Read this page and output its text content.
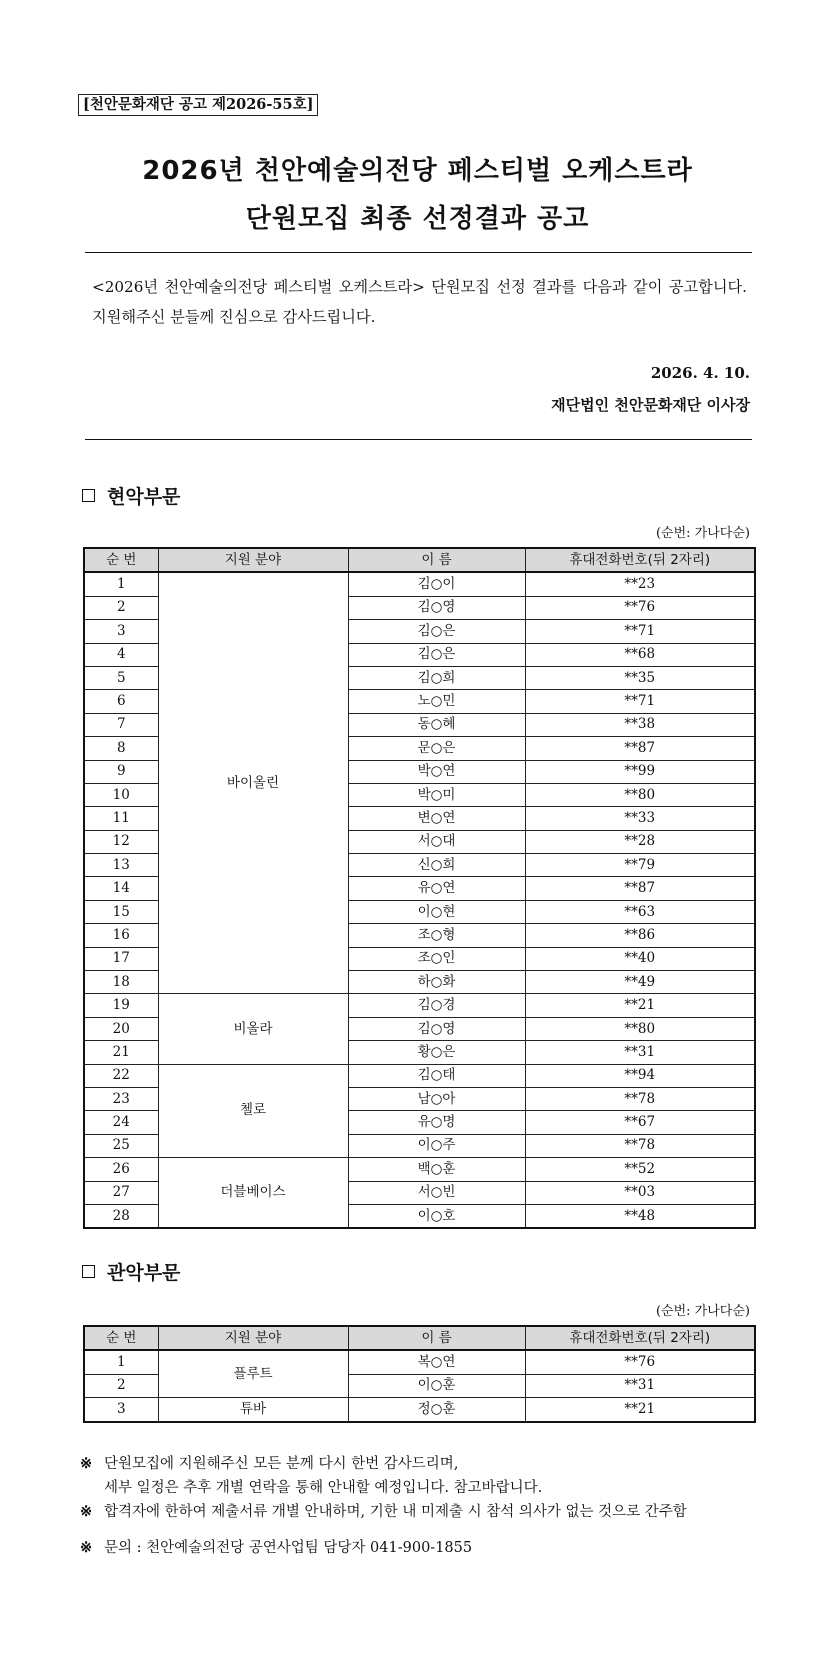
[천안문화재단 공고 제2026-55호]
2026년 천안예술의전당 페스티벌 오케스트라
단원모집 최종 선정결과 공고
<2026년 천안예술의전당 페스티벌 오케스트라> 단원모집 선정 결과를 다음과 같이 공고합니다. 지원해주신 분들께 진심으로 감사드립니다.
2026. 4. 10.
재단법인 천안문화재단 이사장
현악부문
(순번: 가나다순)
순 번	지원 분야	이 름	휴대전화번호(뒤 2자리)
1	바이올린	김○이	**23
2		김○영	**76
3		김○은	**71
4		김○은	**68
5		김○희	**35
6		노○민	**71
7		동○혜	**38
8		문○은	**87
9		박○연	**99
10		박○미	**80
11		변○연	**33
12		서○대	**28
13		신○희	**79
14		유○연	**87
15		이○현	**63
16		조○형	**86
17		조○인	**40
18		하○화	**49
19	비올라	김○경	**21
20		김○영	**80
21		황○은	**31
22	첼로	김○태	**94
23		남○아	**78
24		유○명	**67
25		이○주	**78
26	더블베이스	백○훈	**52
27		서○빈	**03
28		이○호	**48
관악부문
(순번: 가나다순)
순 번	지원 분야	이 름	휴대전화번호(뒤 2자리)
1	플루트	복○연	**76
2		이○훈	**31
3	튜바	정○훈	**21
※ 단원모집에 지원해주신 모든 분께 다시 한번 감사드리며,
세부 일정은 추후 개별 연락을 통해 안내할 예정입니다. 참고바랍니다.
※ 합격자에 한하여 제출서류 개별 안내하며, 기한 내 미제출 시 참석 의사가 없는 것으로 간주함
※ 문의 : 천안예술의전당 공연사업팀 담당자 041-900-1855
